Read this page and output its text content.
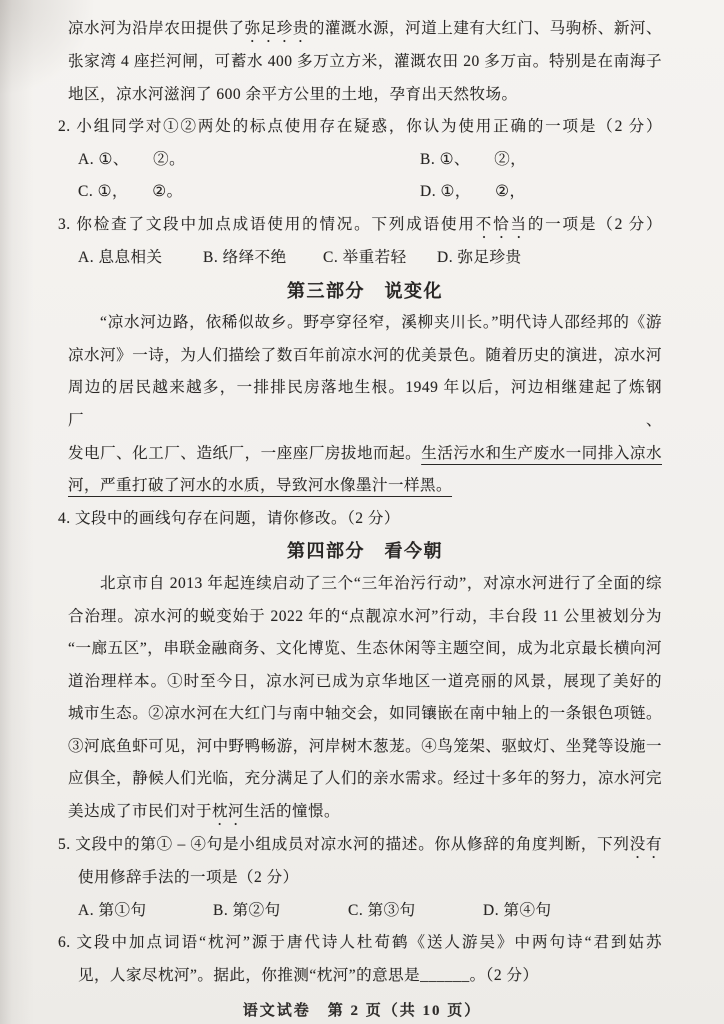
凉水河为沿岸农田提供了弥足珍贵的灌溉水源，河道上建有大红门、马驹桥、新河、
张家湾 4 座拦河闸，可蓄水 400 多万立方米，灌溉农田 20 多万亩。特别是在南海子
地区，凉水河滋润了 600 余平方公里的土地，孕育出天然牧场。
2. 小组同学对①②两处的标点使用存在疑惑，你认为使用正确的一项是（2 分）
A. ①、　　②。	B. ①、　　②，
C. ①，　　②。	D. ①，　　②，
3. 你检查了文段中加点成语使用的情况。下列成语使用不恰当的一项是（2 分）
A. 息息相关	B. 络绎不绝	C. 举重若轻	D. 弥足珍贵
第三部分　说变化
“凉水河边路，依稀似故乡。野亭穿径窄，溪柳夹川长。”明代诗人邵经邦的《游
凉水河》一诗，为人们描绘了数百年前凉水河的优美景色。随着历史的演进，凉水河
周边的居民越来越多，一排排民房落地生根。1949 年以后，河边相继建起了炼钢厂、
发电厂、化工厂、造纸厂，一座座厂房拔地而起。生活污水和生产废水一同排入凉水
河，严重打破了河水的水质，导致河水像墨汁一样黑。
4. 文段中的画线句存在问题，请你修改。（2 分）
第四部分　看今朝
北京市自 2013 年起连续启动了三个“三年治污行动”，对凉水河进行了全面的综
合治理。凉水河的蜕变始于 2022 年的“点靓凉水河”行动，丰台段 11 公里被划分为
“一廊五区”，串联金融商务、文化博览、生态休闲等主题空间，成为北京最长横向河
道治理样本。①时至今日，凉水河已成为京华地区一道亮丽的风景，展现了美好的
城市生态。②凉水河在大红门与南中轴交会，如同镶嵌在南中轴上的一条银色项链。
③河底鱼虾可见，河中野鸭畅游，河岸树木葱茏。④鸟笼架、驱蚊灯、坐凳等设施一
应俱全，静候人们光临，充分满足了人们的亲水需求。经过十多年的努力，凉水河完
美达成了市民们对于枕河生活的憧憬。
5. 文段中的第① – ④句是小组成员对凉水河的描述。你从修辞的角度判断，下列没有
使用修辞手法的一项是（2 分）
A. 第①句	B. 第②句	C. 第③句	D. 第④句
6. 文段中加点词语“枕河”源于唐代诗人杜荀鹤《送人游吴》中两句诗“君到姑苏
见，人家尽枕河”。据此，你推测“枕河”的意思是______。（2 分）
语文试卷　第 2 页（共 10 页）
